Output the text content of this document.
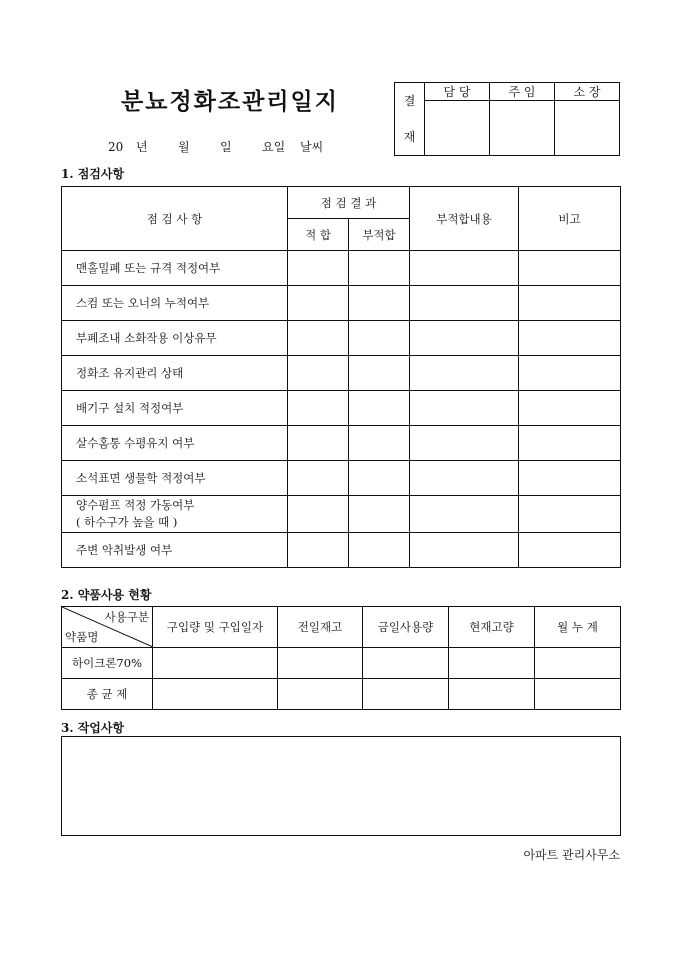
분뇨정화조관리일지
20 년	월	일	요일 날씨
결
재	담 당	주 임	소 장

1. 점검사항
점 검 사 항	점 검 결 과		부적합내용	비고
	적 합	부적합		
맨홀밀폐 또는 규격 적정여부				
스컴 또는 오너의 누적여부				
부폐조내 소화작용 이상유무				
정화조 유지관리 상태				
배기구 설치 적정여부				
살수홈통 수평유지 여부				
소석표면 생물학 적정여부				

양수펌프 적정 가동여부
( 하수구가 높을 때 )				

주변 악취발생 여부				
2. 약품사용 현황
사용구분
약품명	구입량 및 구입일자	전일재고	금일사용량	현재고량	월 누 계
하이크론70%					
종 균 제					
3. 작업사항
아파트 관리사무소
